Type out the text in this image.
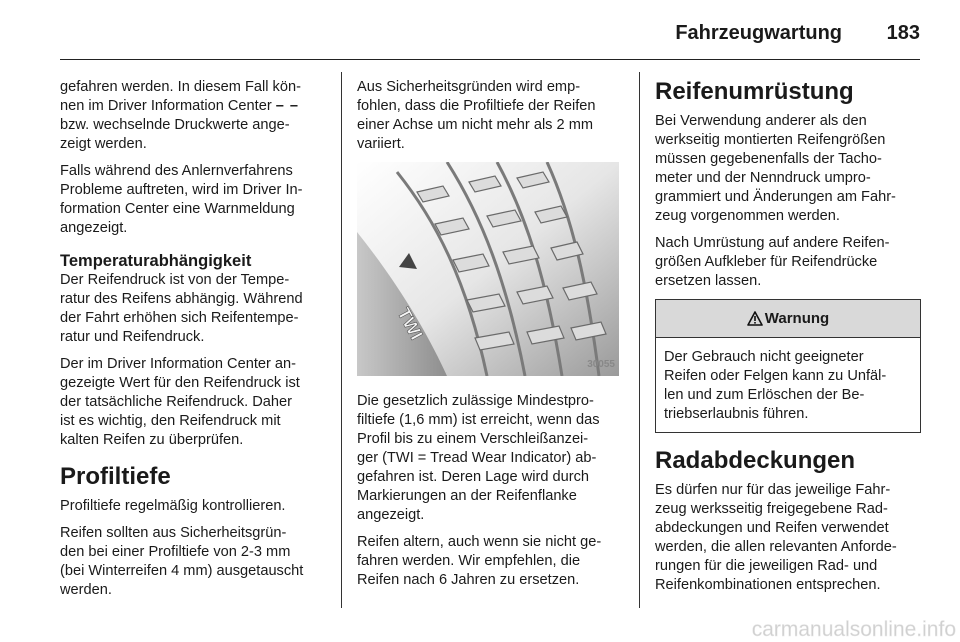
Fahrzeugwartung 183

gefahren werden. In diesem Fall kön-
nen im Driver Information Center – –
bzw. wechselnde Druckwerte ange-
zeigt werden.

Falls während des Anlernverfahrens
Probleme auftreten, wird im Driver In-
formation Center eine Warnmeldung
angezeigt.

Temperaturabhängigkeit

Der Reifendruck ist von der Tempe-
ratur des Reifens abhängig. Während
der Fahrt erhöhen sich Reifentempe-
ratur und Reifendruck.

Der im Driver Information Center an-
gezeigte Wert für den Reifendruck ist
der tatsächliche Reifendruck. Daher
ist es wichtig, den Reifendruck mit
kalten Reifen zu überprüfen.

Profiltiefe

Profiltiefe regelmäßig kontrollieren.

Reifen sollten aus Sicherheitsgrün-
den bei einer Profiltiefe von 2-3 mm
(bei Winterreifen 4 mm) ausgetauscht
werden.

Aus Sicherheitsgründen wird emp-
fohlen, dass die Profiltiefe der Reifen
einer Achse um nicht mehr als 2 mm
variiert.

TWI
30055

Die gesetzlich zulässige Mindestpro-
filtiefe (1,6 mm) ist erreicht, wenn das
Profil bis zu einem Verschleißanzei-
ger (TWI = Tread Wear Indicator) ab-
gefahren ist. Deren Lage wird durch
Markierungen an der Reifenflanke
angezeigt.

Reifen altern, auch wenn sie nicht ge-
fahren werden. Wir empfehlen, die
Reifen nach 6 Jahren zu ersetzen.

Reifenumrüstung

Bei Verwendung anderer als den
werkseitig montierten Reifengrößen
müssen gegebenenfalls der Tacho-
meter und der Nenndruck umpro-
grammiert und Änderungen am Fahr-
zeug vorgenommen werden.

Nach Umrüstung auf andere Reifen-
größen Aufkleber für Reifendrücke
ersetzen lassen.

Warnung
Der Gebrauch nicht geeigneter
Reifen oder Felgen kann zu Unfäl-
len und zum Erlöschen der Be-
triebserlaubnis führen.
Radabdeckungen

Es dürfen nur für das jeweilige Fahr-
zeug werksseitig freigegebene Rad-
abdeckungen und Reifen verwendet
werden, die allen relevanten Anforde-
rungen für die jeweiligen Rad- und
Reifenkombinationen entsprechen.

carmanualsonline.info
